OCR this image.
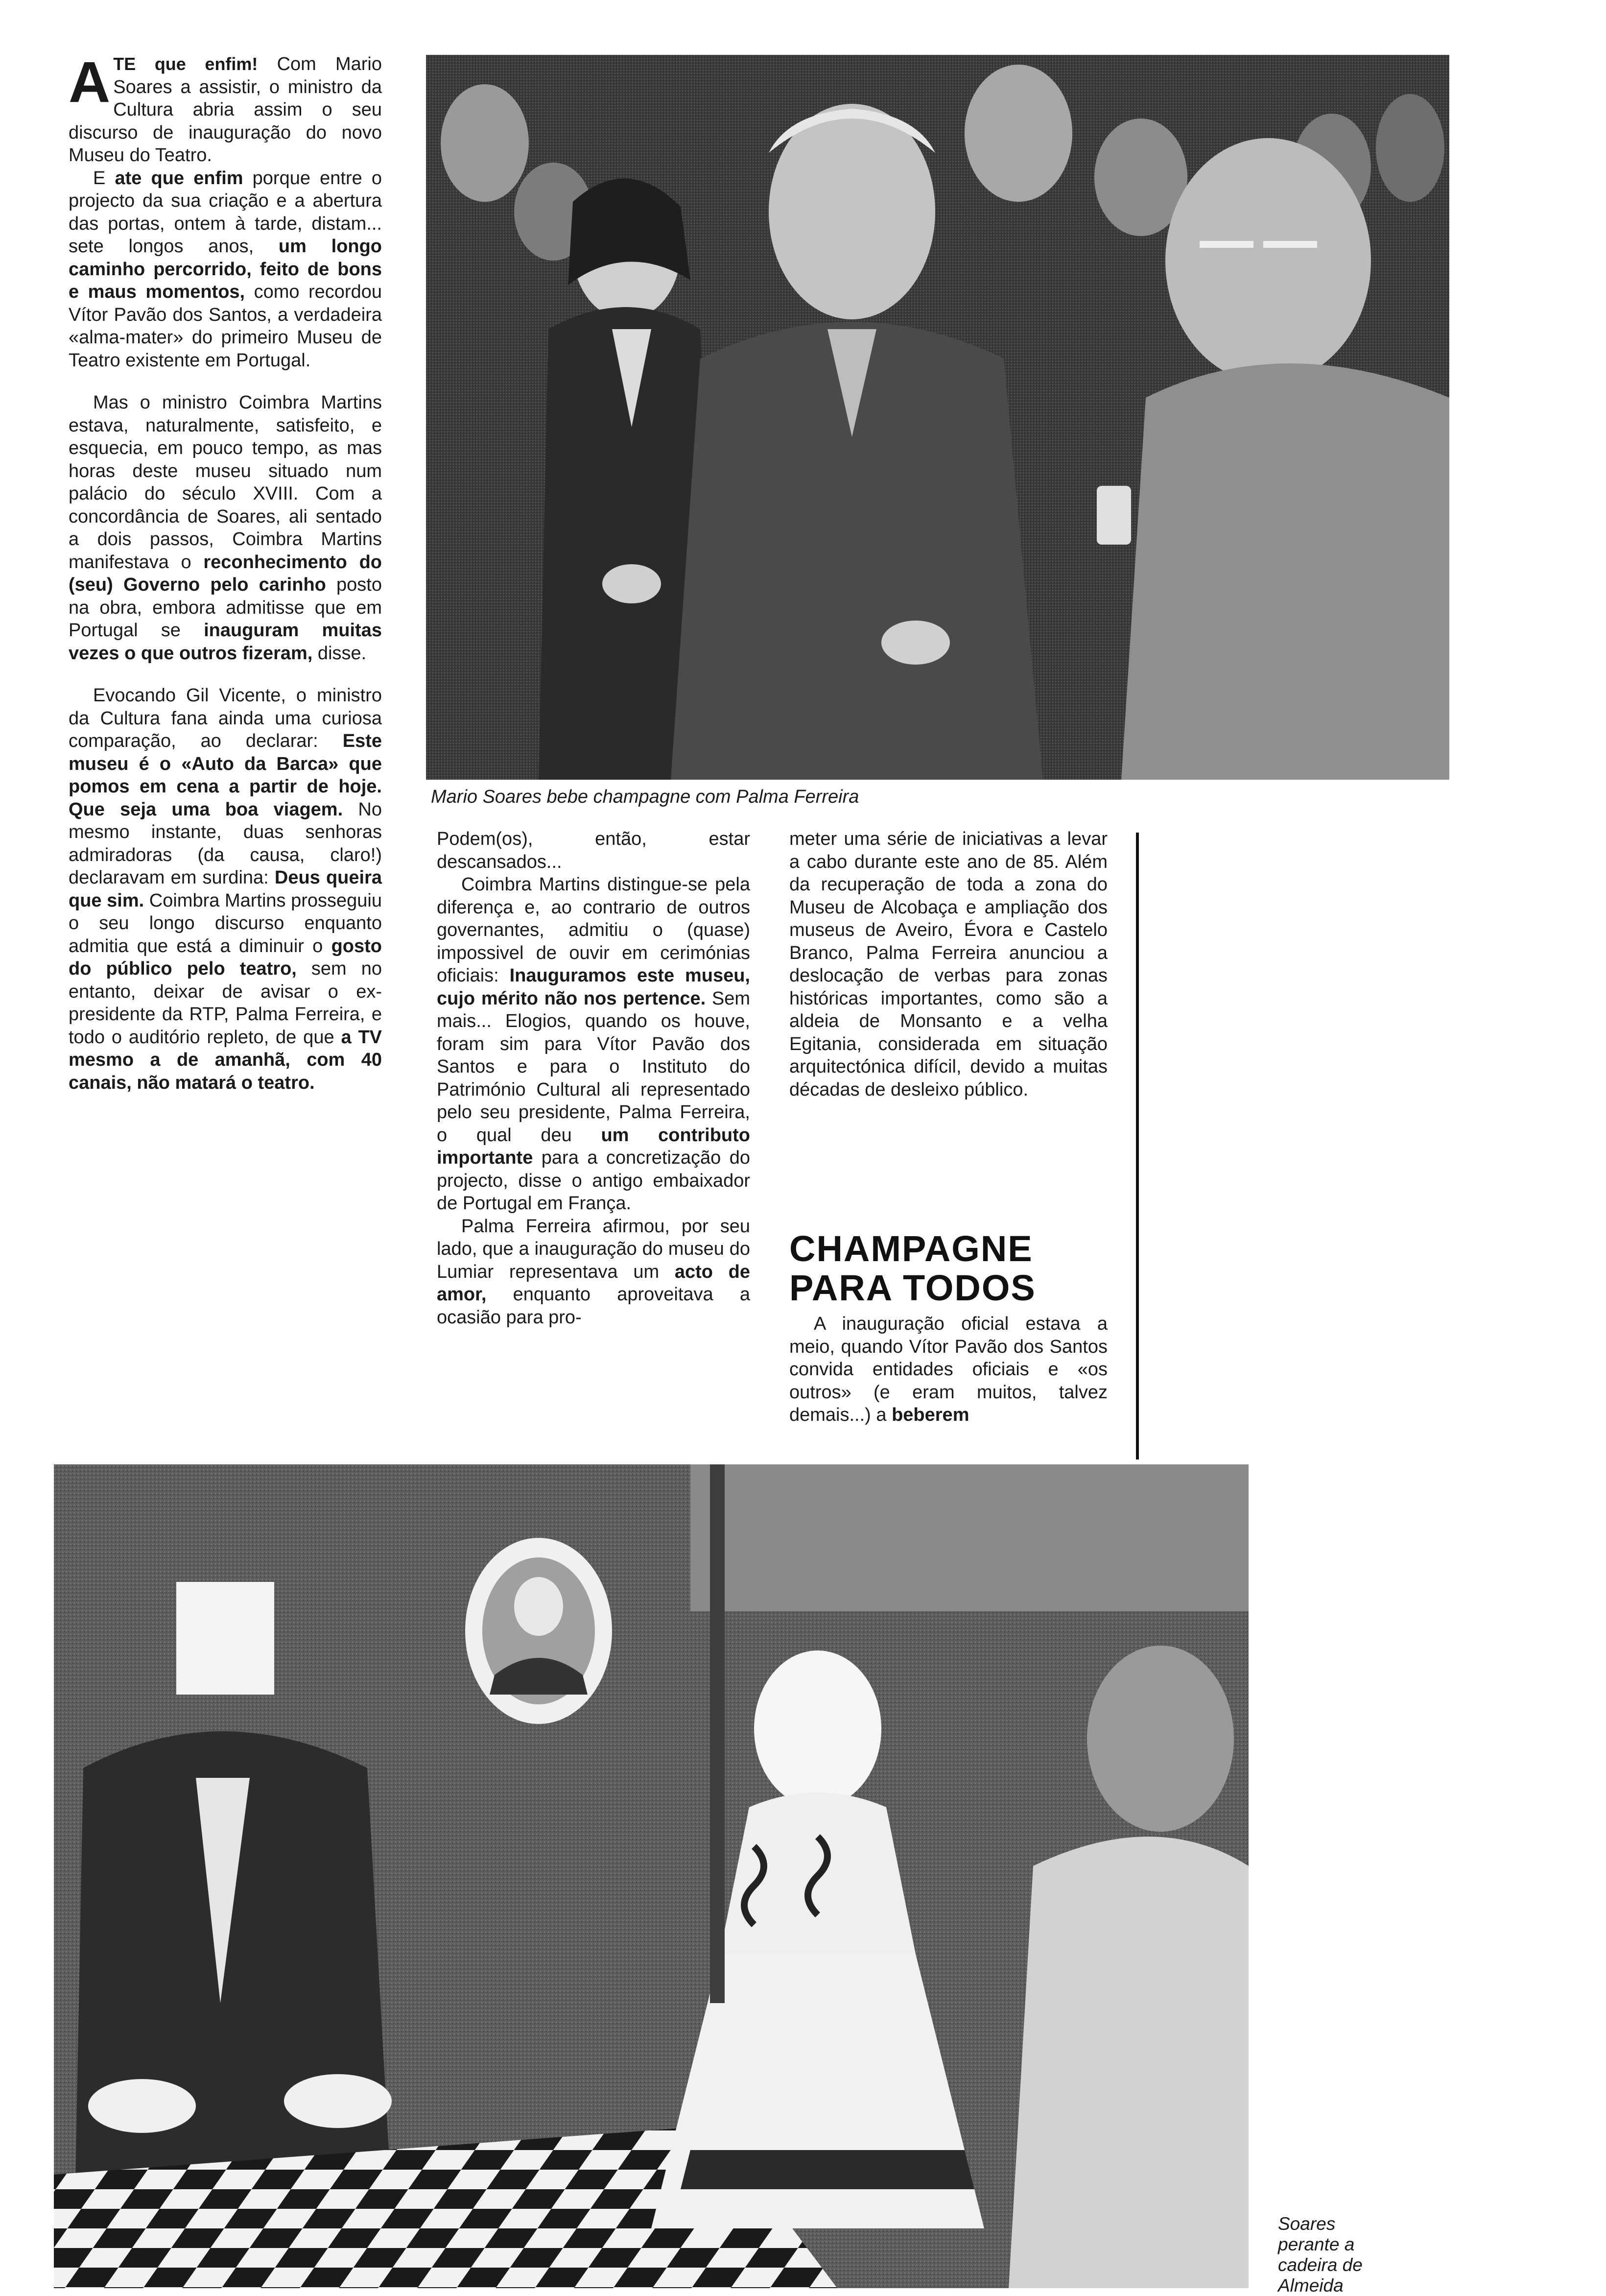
ATE que enfim! Com Mario Soares a assistir, o ministro da Cultura abria assim o seu discurso de inauguração do novo Museu do Teatro.

E ate que enfim porque entre o projecto da sua criação e a abertura das portas, ontem à tarde, distam... sete longos anos, um longo caminho percorrido, feito de bons e maus momentos, como recordou Vítor Pavão dos Santos, a verdadeira «alma-mater» do primeiro Museu de Teatro existente em Portugal.

Mas o ministro Coimbra Martins estava, naturalmente, satisfeito, e esquecia, em pouco tempo, as mas horas deste museu situado num palácio do século XVIII. Com a concordância de Soares, ali sentado a dois passos, Coimbra Martins manifestava o reconhecimento do (seu) Governo pelo carinho posto na obra, embora admitisse que em Portugal se inauguram muitas vezes o que outros fizeram, disse.

Evocando Gil Vicente, o ministro da Cultura fana ainda uma curiosa comparação, ao declarar: Este museu é o «Auto da Barca» que pomos em cena a partir de hoje. Que seja uma boa viagem. No mesmo instante, duas senhoras admiradoras (da causa, claro!) declaravam em surdina: Deus queira que sim. Coimbra Martins prosseguiu o seu longo discurso enquanto admitia que está a diminuir o gosto do público pelo teatro, sem no entanto, deixar de avisar o ex-presidente da RTP, Palma Ferreira, e todo o auditório repleto, de que a TV mesmo a de amanhã, com 40 canais, não matará o teatro.

Mario Soares bebe champagne com Palma Ferreira

Podem(os), então, estar descansados...

Coimbra Martins distingue-se pela diferença e, ao contrario de outros governantes, admitiu o (quase) impossivel de ouvir em cerimónias oficiais: Inauguramos este museu, cujo mérito não nos pertence. Sem mais... Elogios, quando os houve, foram sim para Vítor Pavão dos Santos e para o Instituto do Património Cultural ali representado pelo seu presidente, Palma Ferreira, o qual deu um contributo importante para a concretização do projecto, disse o antigo embaixador de Portugal em França.

Palma Ferreira afirmou, por seu lado, que a inauguração do museu do Lumiar representava um acto de amor, enquanto aproveitava a ocasião para pro-

meter uma série de iniciativas a levar a cabo durante este ano de 85. Além da recuperação de toda a zona do Museu de Alcobaça e ampliação dos museus de Aveiro, Évora e Castelo Branco, Palma Ferreira anunciou a deslocação de verbas para zonas históricas importantes, como são a aldeia de Monsanto e a velha Egitania, considerada em situação arquitectónica difícil, devido a muitas décadas de desleixo público.

CHAMPAGNE PARA TODOS

A inauguração oficial estava a meio, quando Vítor Pavão dos Santos convida entidades oficiais e «os outros» (e eram muitos, talvez demais...) a beberem

Soares perante a cadeira de Almeida
